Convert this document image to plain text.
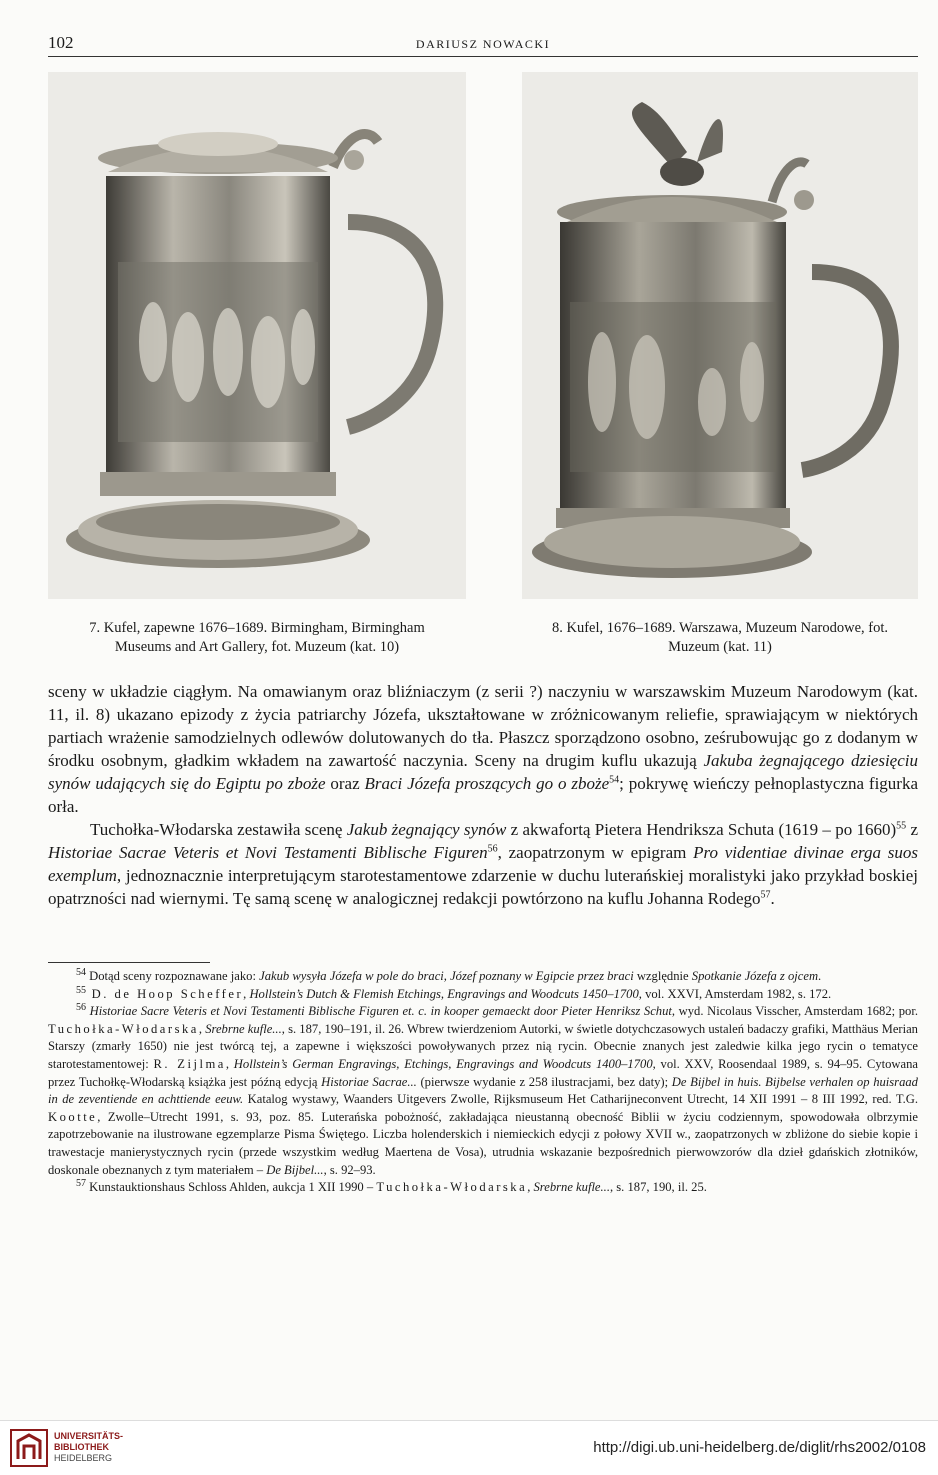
102	DARIUSZ NOWACKI
7. Kufel, zapewne 1676–1689. Birmingham, Birmingham
Museums and Art Gallery, fot. Muzeum (kat. 10)
8. Kufel, 1676–1689. Warszawa, Muzeum Narodowe, fot.
Muzeum (kat. 11)

sceny w układzie ciągłym. Na omawianym oraz bliźniaczym (z serii ?) naczyniu w warszawskim Muzeum Narodowym (kat. 11, il. 8) ukazano epizody z życia patriarchy Józefa, ukształtowane w zróżnicowanym reliefie, sprawiającym w niektórych partiach wrażenie samodzielnych odlewów dolutowanych do tła. Płaszcz sporządzono osobno, ześrubowując go z dodanym w środku osobnym, gładkim wkładem na zawartość naczynia. Sceny na drugim kuflu ukazują Jakuba żegnającego dziesięciu synów udających się do Egiptu po zboże oraz Braci Józefa proszących go o zboże$^{54}$; pokrywę wieńczy pełnoplastyczna figurka orła.

Tuchołka-Włodarska zestawiła scenę Jakub żegnający synów z akwafortą Pietera Hendriksza Schuta (1619 – po 1660)$^{55}$ z Historiae Sacrae Veteris et Novi Testamenti Biblische Figuren$^{56}$, zaopatrzonym w epigram Pro videntiae divinae erga suos exemplum, jednoznacznie interpretującym starotestamentowe zdarzenie w duchu luterańskiej moralistyki jako przykład boskiej opatrzności nad wiernymi. Tę samą scenę w analogicznej redakcji powtórzono na kuflu Johanna Rodego$^{57}$.

$^{54}$ Dotąd sceny rozpoznawane jako: Jakub wysyła Józefa w pole do braci, Józef poznany w Egipcie przez braci względnie Spotkanie Józefa z ojcem.

$^{55}$ D. de Hoop Scheffer, Hollstein’s Dutch & Flemish Etchings, Engravings and Woodcuts 1450–1700, vol. XXVI, Amsterdam 1982, s. 172.

$^{56}$ Historiae Sacre Veteris et Novi Testamenti Biblische Figuren et. c. in kooper gemaeckt door Pieter Henriksz Schut, wyd. Nicolaus Visscher, Amsterdam 1682; por. Tuchołka-Włodarska, Srebrne kufle..., s. 187, 190–191, il. 26. Wbrew twierdzeniom Autorki, w świetle dotychczasowych ustaleń badaczy grafiki, Matthäus Merian Starszy (zmarły 1650) nie jest twórcą tej, a zapewne i większości powoływanych przez nią rycin. Obecnie znanych jest zaledwie kilka jego rycin o tematyce starotestamentowej: R. Zijlma, Hollstein’s German Engravings, Etchings, Engravings and Woodcuts 1400–1700, vol. XXV, Roosendaal 1989, s. 94–95. Cytowana przez Tuchołkę-Włodarską książka jest późną edycją Historiae Sacrae... (pierwsze wydanie z 258 ilustracjami, bez daty); De Bijbel in huis. Bijbelse verhalen op huisraad in de zeventiende en achttiende eeuw. Katalog wystawy, Waanders Uitgevers Zwolle, Rijksmuseum Het Catharijneconvent Utrecht, 14 XII 1991 – 8 III 1992, red. T.G. Kootte, Zwolle–Utrecht 1991, s. 93, poz. 85. Luterańska pobożność, zakładająca nieustanną obecność Biblii w życiu codziennym, spowodowała olbrzymie zapotrzebowanie na ilustrowane egzemplarze Pisma Świętego. Liczba holenderskich i niemieckich edycji z połowy XVII w., zaopatrzonych w zbliżone do siebie kopie i trawestacje manierystycznych rycin (przede wszystkim według Maertena de Vosa), utrudnia wskazanie bezpośrednich pierwowzorów dla dzieł gdańskich złotników, doskonale obeznanych z tym materiałem – De Bijbel..., s. 92–93.

$^{57}$ Kunstauktionshaus Schloss Ahlden, aukcja 1 XII 1990 – Tuchołka-Włodarska, Srebrne kufle..., s. 187, 190, il. 25.

UNIVERSITÄTS-
BIBLIOTHEK
HEIDELBERG
http://digi.ub.uni-heidelberg.de/diglit/rhs2002/0108
